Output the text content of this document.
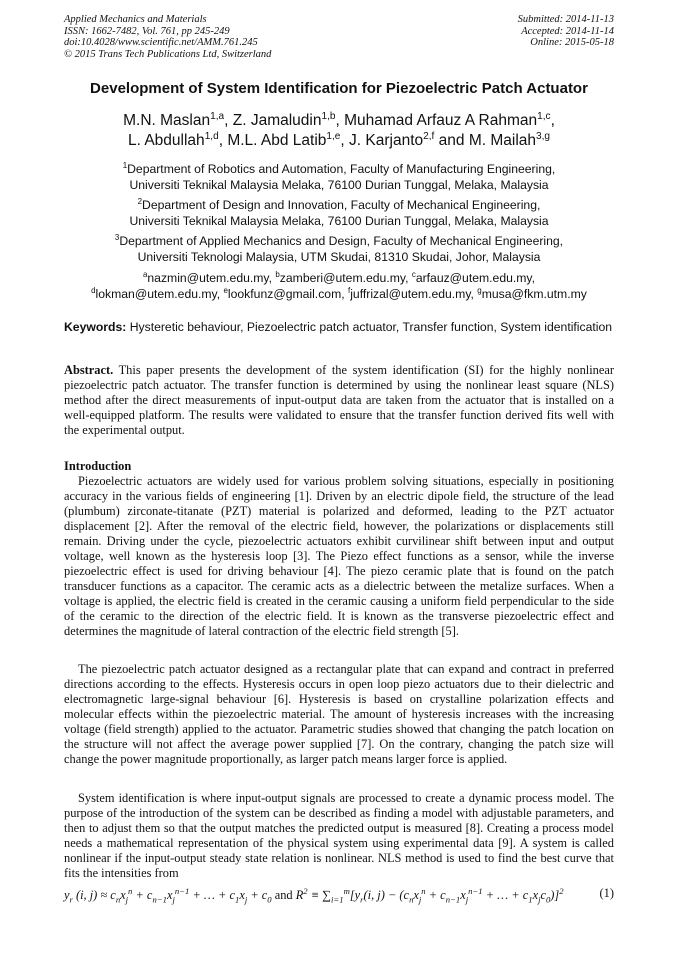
Applied Mechanics and Materials
ISSN: 1662-7482, Vol. 761, pp 245-249
doi:10.4028/www.scientific.net/AMM.761.245
© 2015 Trans Tech Publications Ltd, Switzerland
Submitted: 2014-11-13
Accepted: 2014-11-14
Online: 2015-05-18
Development of System Identification for Piezoelectric Patch Actuator
M.N. Maslan$^{1,a}$, Z. Jamaludin$^{1,b}$, Muhamad Arfauz A Rahman$^{1,c}$,
L. Abdullah$^{1,d}$, M.L. Abd Latib$^{1,e}$, J. Karjanto$^{2,f}$ and M. Mailah$^{3,g}$
$^1$Department of Robotics and Automation, Faculty of Manufacturing Engineering,
Universiti Teknikal Malaysia Melaka, 76100 Durian Tunggal, Melaka, Malaysia
$^2$Department of Design and Innovation, Faculty of Mechanical Engineering,
Universiti Teknikal Malaysia Melaka, 76100 Durian Tunggal, Melaka, Malaysia
$^3$Department of Applied Mechanics and Design, Faculty of Mechanical Engineering,
Universiti Teknologi Malaysia, UTM Skudai, 81310 Skudai, Johor, Malaysia
$^a$nazmin@utem.edu.my, $^b$zamberi@utem.edu.my, $^c$arfauz@utem.edu.my,
$^d$lokman@utem.edu.my, $^e$lookfunz@gmail.com, $^f$juffrizal@utem.edu.my, $^g$musa@fkm.utm.my
Keywords: Hysteretic behaviour, Piezoelectric patch actuator, Transfer function, System identification
Abstract. This paper presents the development of the system identification (SI) for the highly nonlinear piezoelectric patch actuator. The transfer function is determined by using the nonlinear least square (NLS) method after the direct measurements of input-output data are taken from the actuator that is installed on a well-equipped platform. The results were validated to ensure that the transfer function derived fits well with the experimental output.
Introduction
Piezoelectric actuators are widely used for various problem solving situations, especially in positioning accuracy in the various fields of engineering [1]. Driven by an electric dipole field, the structure of the lead (plumbum) zirconate-titanate (PZT) material is polarized and deformed, leading to the PZT actuator displacement [2]. After the removal of the electric field, however, the polarizations or displacements still remain. Driving under the cycle, piezoelectric actuators exhibit curvilinear shift between input and output voltage, well known as the hysteresis loop [3]. The Piezo effect functions as a sensor, while the inverse piezoelectric effect is used for driving behaviour [4]. The piezo ceramic plate that is found on the patch transducer functions as a capacitor. The ceramic acts as a dielectric between the metalize surfaces. When a voltage is applied, the electric field is created in the ceramic causing a uniform field perpendicular to the side of the ceramic to the direction of the electric field. It is known as the transverse piezoelectric effect and determines the magnitude of lateral contraction of the electric field strength [5].
The piezoelectric patch actuator designed as a rectangular plate that can expand and contract in preferred directions according to the effects. Hysteresis occurs in open loop piezo actuators due to their dielectric and electromagnetic large-signal behaviour [6]. Hysteresis is based on crystalline polarization effects and molecular effects within the piezoelectric material. The amount of hysteresis increases with the increasing voltage (field strength) applied to the actuator. Parametric studies showed that changing the patch location on the structure will not affect the average power supplied [7]. On the contrary, changing the patch size will change the power magnitude proportionally, as larger patch means larger force is applied.
System identification is where input-output signals are processed to create a dynamic process model. The purpose of the introduction of the system can be described as finding a model with adjustable parameters, and then to adjust them so that the output matches the predicted output is measured [8]. Creating a process model needs a mathematical representation of the physical system using experimental data [9]. A system is called nonlinear if the input-output steady state relation is nonlinear. NLS method is used to find the best curve that fits the intensities from
$y_r$ (i, $j) \approx c_nx_j^n + c_{n-1}x_j^{n-1}$ + … + $c_1x_j + c_0$ and $R^2 \equiv \sum_{i=1}^m[y_r(i$, $j) - (c_nx_j^n + c_{n-1}x_j^{n-1}$ + … + $c_1x_jc_0)]^2$	(1)
